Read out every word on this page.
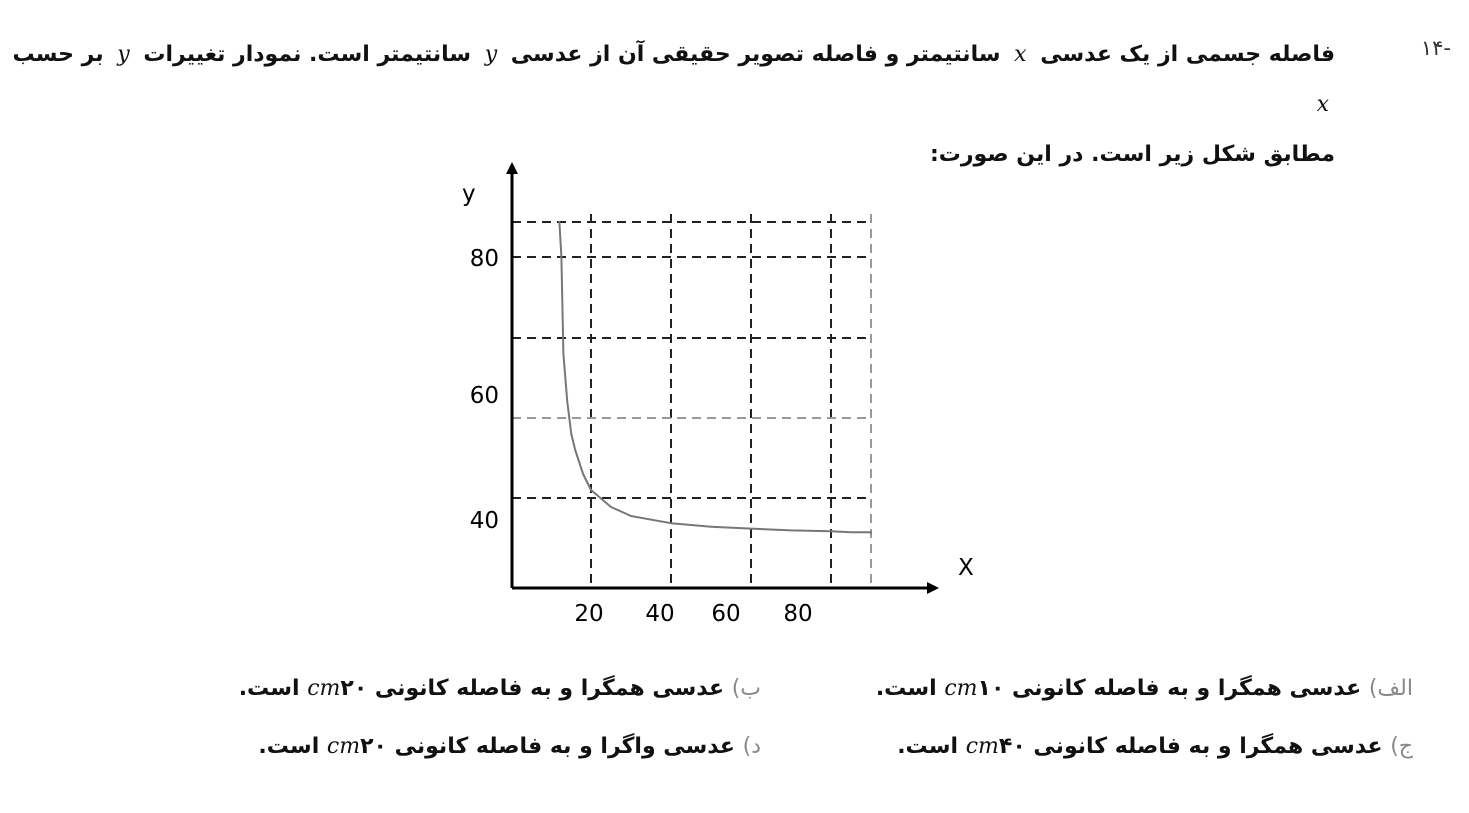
-۱۴
فاصله جسمی از یک عدسی x سانتیمتر و فاصله تصویر حقیقی آن از عدسی y سانتیمتر است. نمودار تغییرات y بر حسب x
مطابق شکل زیر است. در این صورت:
20 40 60 80
40
60
80
X
y
الف) عدسی همگرا و به فاصله کانونی cm۱۰ است.
ب) عدسی همگرا و به فاصله کانونی cm۲۰ است.
ج) عدسی همگرا و به فاصله کانونی cm۴۰ است.
د) عدسی واگرا و به فاصله کانونی cm۲۰ است.
